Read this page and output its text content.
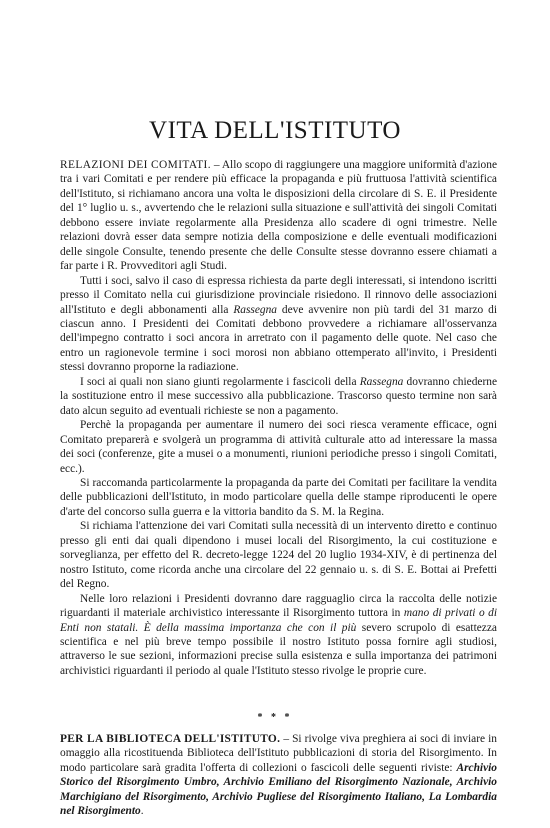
VITA DELL'ISTITUTO

RELAZIONI DEI COMITATI. – Allo scopo di raggiungere una maggiore uniformità d'azione tra i vari Comitati e per rendere più efficace la propaganda e più fruttuosa l'attività scientifica dell'Istituto, si richiamano ancora una volta le disposizioni della circolare di S. E. il Presidente del 1° luglio u. s., avvertendo che le relazioni sulla situazione e sull'attività dei singoli Comitati debbono essere inviate regolarmente alla Presidenza allo scadere di ogni trimestre. Nelle relazioni dovrà esser data sempre notizia della composizione e delle eventuali modificazioni delle singole Consulte, tenendo presente che delle Consulte stesse dovranno essere chiamati a far parte i R. Provveditori agli Studi.

Tutti i soci, salvo il caso di espressa richiesta da parte degli interessati, si intendono iscritti presso il Comitato nella cui giurisdizione provinciale risiedono. Il rinnovo delle associazioni all'Istituto e degli abbonamenti alla Rassegna deve avvenire non più tardi del 31 marzo di ciascun anno. I Presidenti dei Comitati debbono provvedere a richiamare all'osservanza dell'impegno contratto i soci ancora in arretrato con il pagamento delle quote. Nel caso che entro un ragionevole termine i soci morosi non abbiano ottemperato all'invito, i Presidenti stessi dovranno proporne la radiazione.

I soci ai quali non siano giunti regolarmente i fascicoli della Rassegna dovranno chiederne la sostituzione entro il mese successivo alla pubblicazione. Trascorso questo termine non sarà dato alcun seguito ad eventuali richieste se non a pagamento.

Perchè la propaganda per aumentare il numero dei soci riesca veramente efficace, ogni Comitato preparerà e svolgerà un programma di attività culturale atto ad interessare la massa dei soci (conferenze, gite a musei o a monumenti, riunioni periodiche presso i singoli Comitati, ecc.).

Si raccomanda particolarmente la propaganda da parte dei Comitati per facilitare la vendita delle pubblicazioni dell'Istituto, in modo particolare quella delle stampe riproducenti le opere d'arte del concorso sulla guerra e la vittoria bandito da S. M. la Regina.

Si richiama l'attenzione dei vari Comitati sulla necessità di un intervento diretto e continuo presso gli enti dai quali dipendono i musei locali del Risorgimento, la cui costituzione e sorveglianza, per effetto del R. decreto-legge 1224 del 20 luglio 1934-XIV, è di pertinenza del nostro Istituto, come ricorda anche una circolare del 22 gennaio u. s. di S. E. Bottai ai Prefetti del Regno.

Nelle loro relazioni i Presidenti dovranno dare ragguaglio circa la raccolta delle notizie riguardanti il materiale archivistico interessante il Risorgimento tuttora in mano di privati o di Enti non statali. È della massima importanza che con il più severo scrupolo di esattezza scientifica e nel più breve tempo possibile il nostro Istituto possa fornire agli studiosi, attraverso le sue sezioni, informazioni precise sulla esistenza e sulla importanza dei patrimoni archivistici riguardanti il periodo al quale l'Istituto stesso rivolge le proprie cure.

* * *

PER LA BIBLIOTECA DELL'ISTITUTO. – Si rivolge viva preghiera ai soci di inviare in omaggio alla ricostituenda Biblioteca dell'Istituto pubblicazioni di storia del Risorgimento. In modo particolare sarà gradita l'offerta di collezioni o fascicoli delle seguenti riviste: Archivio Storico del Risorgimento Umbro, Archivio Emiliano del Risorgimento Nazionale, Archivio Marchigiano del Risorgimento, Archivio Pugliese del Risorgimento Italiano, La Lombardia nel Risorgimento.
